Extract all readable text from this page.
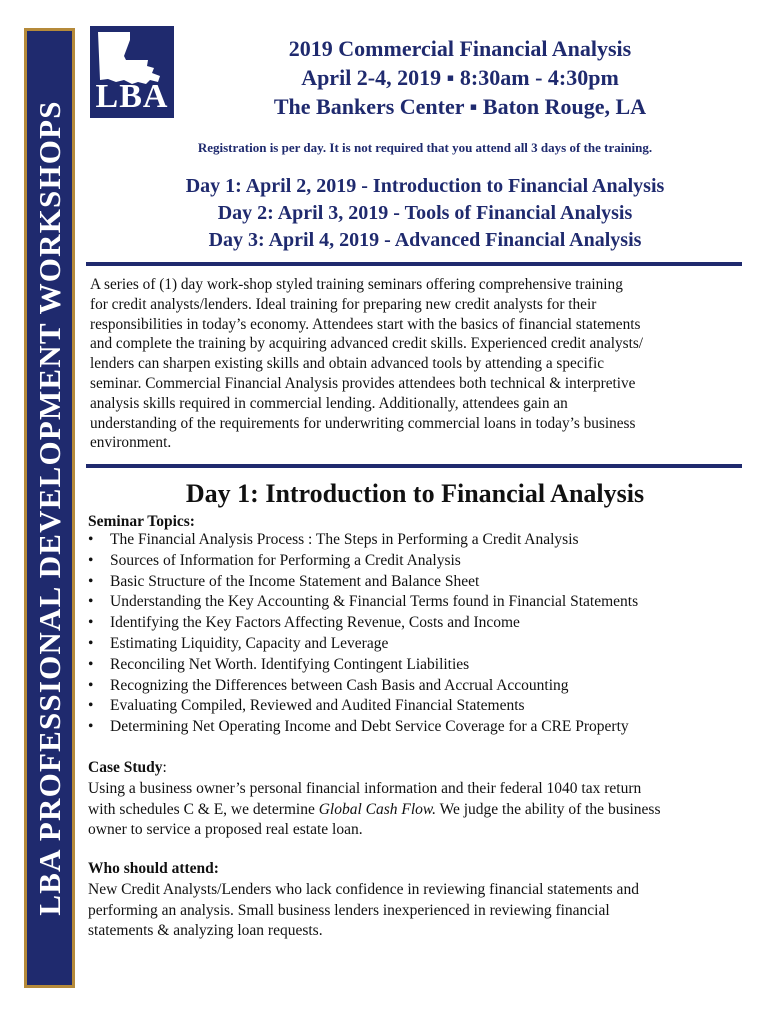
LBA PROFESSIONAL DEVELOPMENT WORKSHOPS
LBA
2019 Commercial Financial Analysis
April 2-4, 2019 ▪ 8:30am - 4:30pm
The Bankers Center ▪ Baton Rouge, LA
Registration is per day. It is not required that you attend all 3 days of the training.
Day 1: April 2, 2019 - Introduction to Financial Analysis
Day 2: April 3, 2019 - Tools of Financial Analysis
Day 3: April 4, 2019 - Advanced Financial Analysis
A series of (1) day work-shop styled training seminars offering comprehensive training
for credit analysts/lenders. Ideal training for preparing new credit analysts for their
responsibilities in today’s economy. Attendees start with the basics of financial statements
and complete the training by acquiring advanced credit skills. Experienced credit analysts/
lenders can sharpen existing skills and obtain advanced tools by attending a specific
seminar. Commercial Financial Analysis provides attendees both technical & interpretive
analysis skills required in commercial lending. Additionally, attendees gain an
understanding of the requirements for underwriting commercial loans in today’s business
environment.
Day 1: Introduction to Financial Analysis
Seminar Topics:
• The Financial Analysis Process : The Steps in Performing a Credit Analysis
• Sources of Information for Performing a Credit Analysis
• Basic Structure of the Income Statement and Balance Sheet
• Understanding the Key Accounting & Financial Terms found in Financial Statements
• Identifying the Key Factors Affecting Revenue, Costs and Income
• Estimating Liquidity, Capacity and Leverage
• Reconciling Net Worth. Identifying Contingent Liabilities
• Recognizing the Differences between Cash Basis and Accrual Accounting
• Evaluating Compiled, Reviewed and Audited Financial Statements
• Determining Net Operating Income and Debt Service Coverage for a CRE Property
Case Study:
Using a business owner’s personal financial information and their federal 1040 tax return
with schedules C & E, we determine Global Cash Flow. We judge the ability of the business
owner to service a proposed real estate loan.
Who should attend:
New Credit Analysts/Lenders who lack confidence in reviewing financial statements and
performing an analysis. Small business lenders inexperienced in reviewing financial
statements & analyzing loan requests.
